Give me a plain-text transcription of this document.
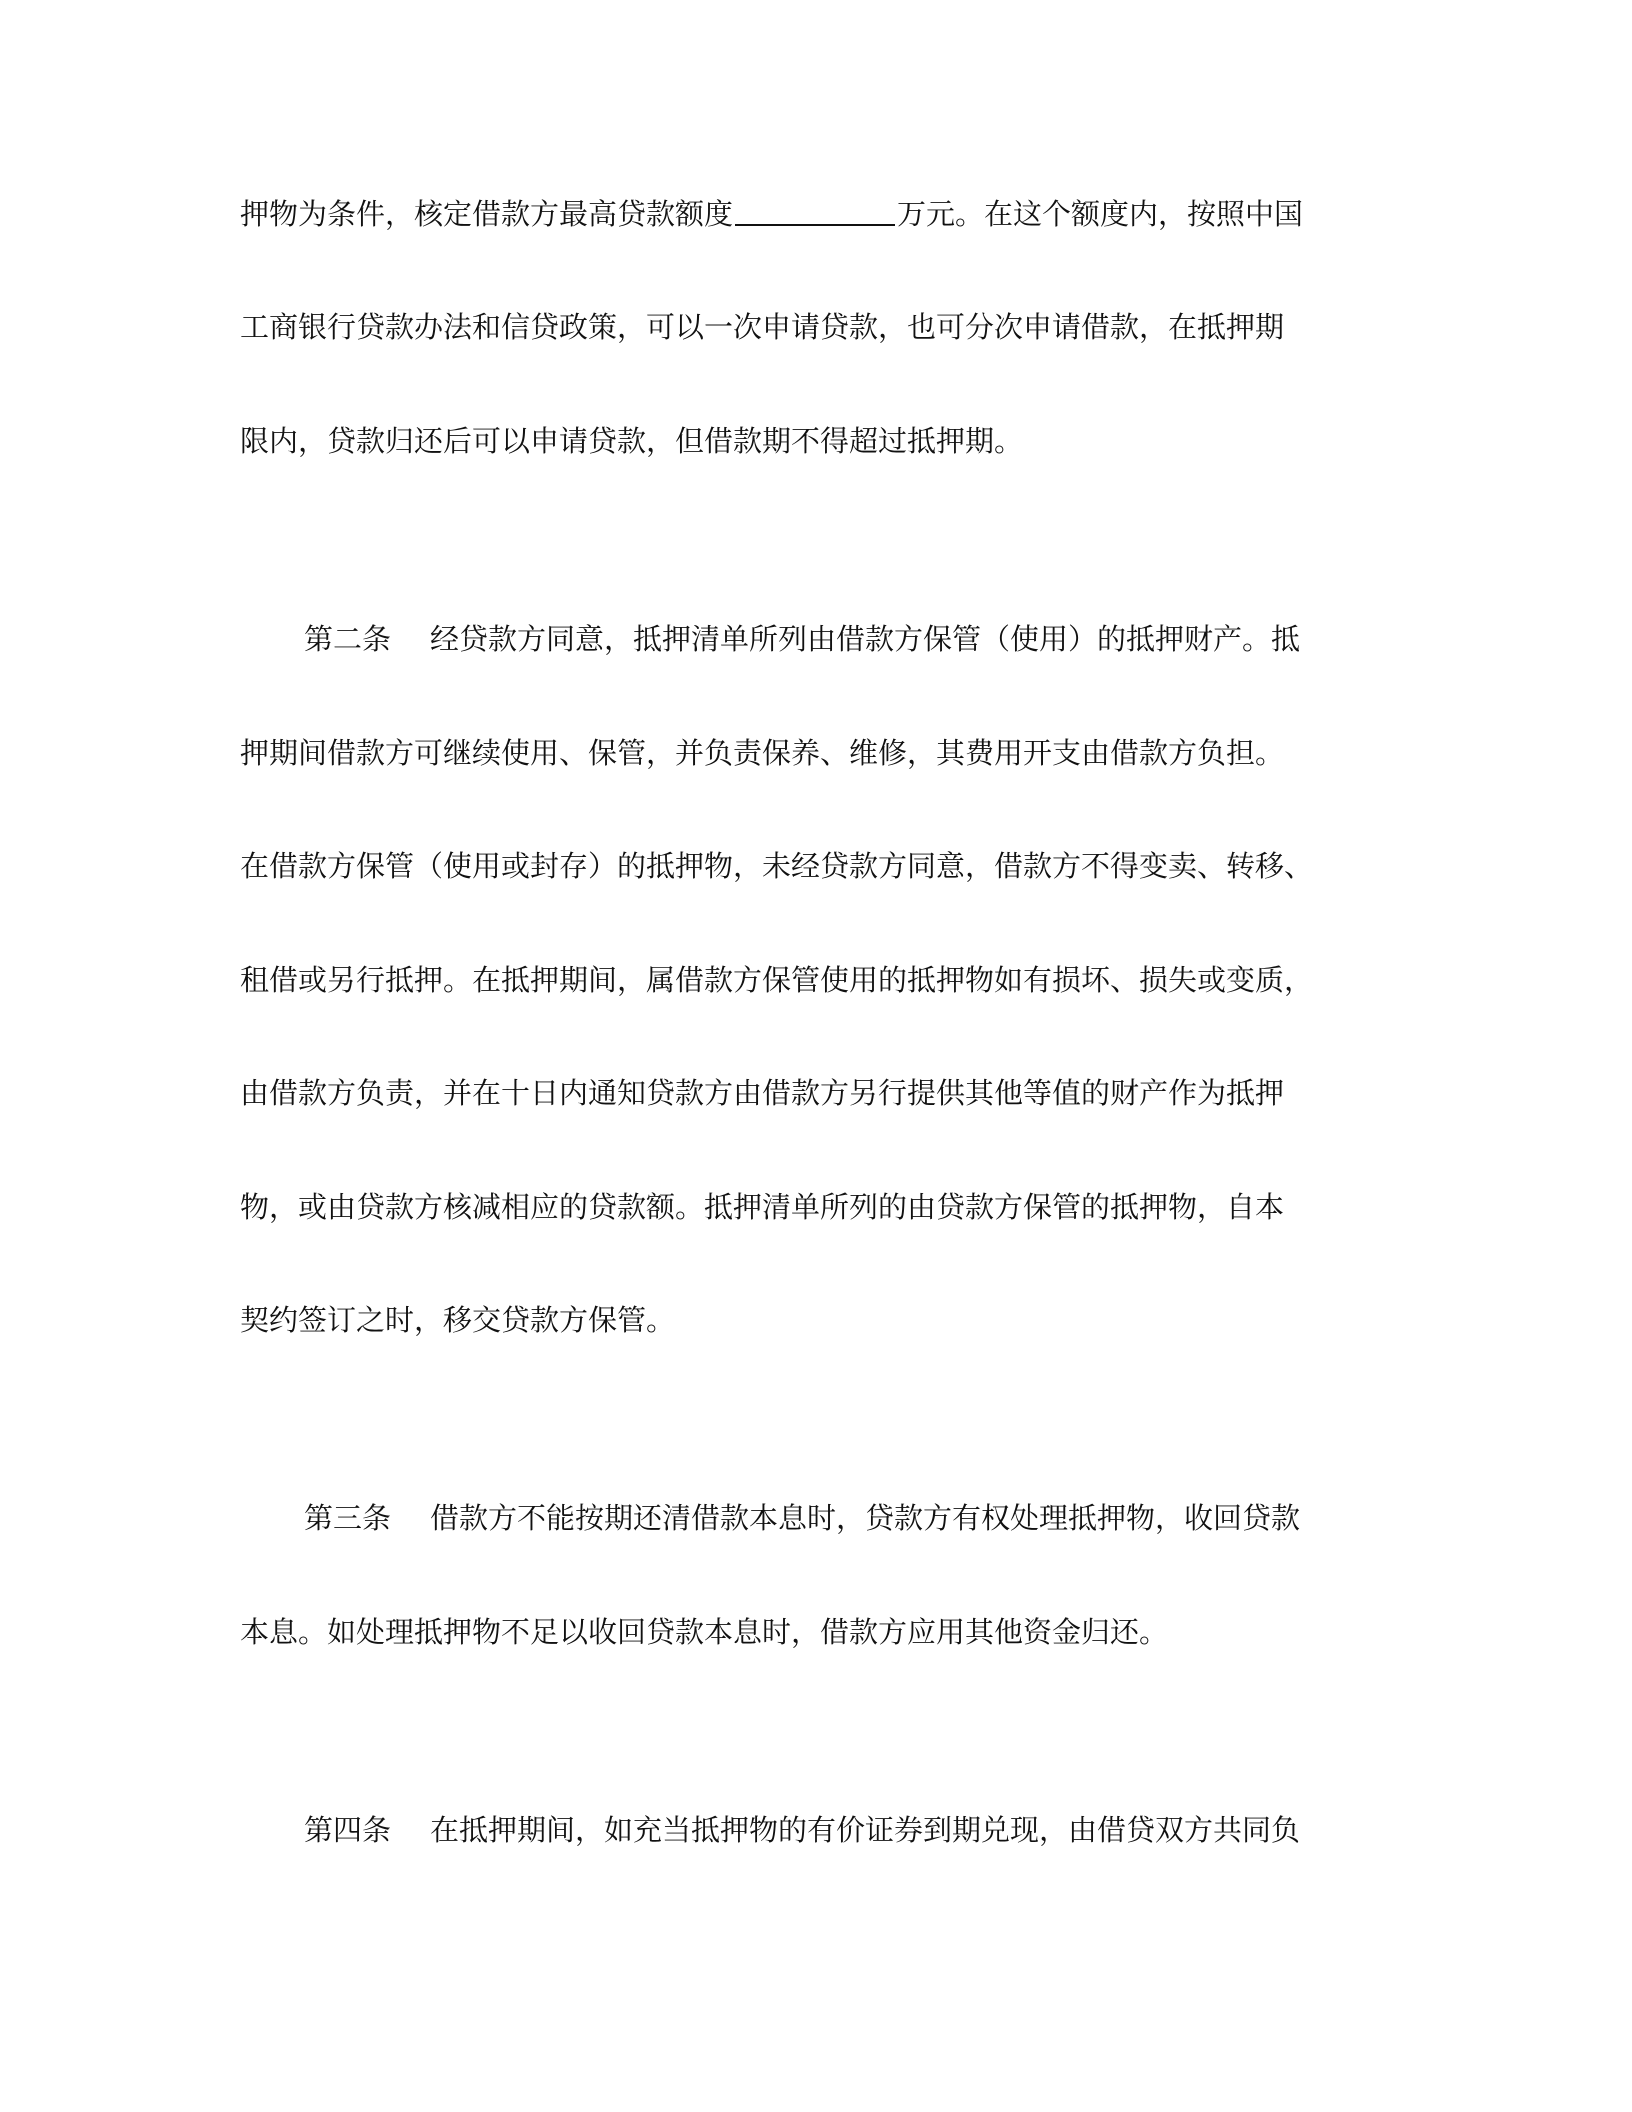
押物为条件，核定借款方最高贷款额度	万元。在这个额度内，按照中国
工商银行贷款办法和信贷政策，可以一次申请贷款，也可分次申请借款，在抵押期
限内，贷款归还后可以申请贷款，但借款期不得超过抵押期。
第二条 经贷款方同意，抵押清单所列由借款方保管（使用）的抵押财产。抵
押期间借款方可继续使用、保管，并负责保养、维修，其费用开支由借款方负担。
在借款方保管（使用或封存）的抵押物，未经贷款方同意，借款方不得变卖、转移、
租借或另行抵押。在抵押期间，属借款方保管使用的抵押物如有损坏、损失或变质，
由借款方负责，并在十日内通知贷款方由借款方另行提供其他等值的财产作为抵押
物，或由贷款方核减相应的贷款额。抵押清单所列的由贷款方保管的抵押物，自本
契约签订之时，移交贷款方保管。
第三条 借款方不能按期还清借款本息时，贷款方有权处理抵押物，收回贷款
本息。如处理抵押物不足以收回贷款本息时，借款方应用其他资金归还。
第四条 在抵押期间，如充当抵押物的有价证券到期兑现，由借贷双方共同负
